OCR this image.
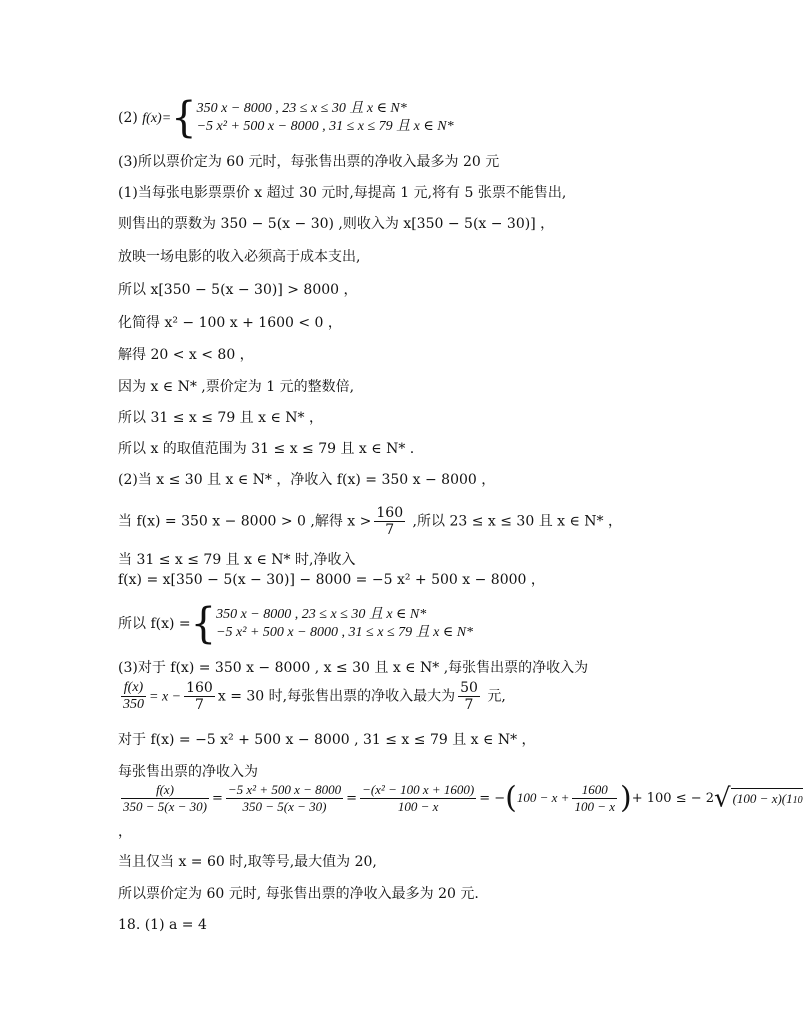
(2) f(x)={ 350 x − 8000 , 23 ≤ x ≤ 30 且 x ∈ N*
−5 x² + 500 x − 8000 , 31 ≤ x ≤ 79 且 x ∈ N*
(3)所以票价定为 60 元时，每张售出票的净收入最多为 20 元
(1)当每张电影票票价 x 超过 30 元时,每提高 1 元,将有 5 张票不能售出,
则售出的票数为 350 − 5(x − 30) ,则收入为 x[350 − 5(x − 30)] ，
放映一场电影的收入必须高于成本支出,
所以 x[350 − 5(x − 30)] > 8000 ，
化简得 x² − 100 x + 1600 < 0 ，
解得 20 < x < 80 ，
因为 x ∈ N* ,票价定为 1 元的整数倍,
所以 31 ≤ x ≤ 79 且 x ∈ N* ，
所以 x 的取值范围为 31 ≤ x ≤ 79 且 x ∈ N* .
(2)当 x ≤ 30 且 x ∈ N* ，净收入 f(x) = 350 x − 8000 ，
当 f(x) = 350 x − 8000 > 0 ,解得 $x > \frac{160}{7}$ ,所以 23 ≤ x ≤ 30 且 x ∈ N* ，
当 31 ≤ x ≤ 79 且 x ∈ N* 时,净收入
f(x) = x[350 − 5(x − 30)] − 8000 = −5 x² + 500 x − 8000 ，
所以 f(x) ={ 350 x − 8000 , 23 ≤ x ≤ 30 且 x ∈ N*
−5 x² + 500 x − 8000 , 31 ≤ x ≤ 79 且 x ∈ N*
(3)对于 f(x) = 350 x − 8000 , x ≤ 30 且 x ∈ N* ,每张售出票的净收入为
$\frac{f(x)}{350} = x - \frac{160}{7}$ x = 30 时,每张售出票的净收入最大为 $\frac{50}{7}$ 元,
对于 f(x) = −5 x² + 500 x − 8000 , 31 ≤ x ≤ 79 且 x ∈ N* ，
每张售出票的净收入为
$\frac{f(x)}{350 - 5(x - 30)} = \frac{\text{−5 x² + 500 x − 8000}}{350 - 5(x - 30)} = \frac{\text{−(x² − 100 x + 1600)}}{100 - x} = -(100 - x + \frac{1600}{100 - x}$ )+ 100 ≤ − 2√ (100 − x)(1 10
，
当且仅当 x = 60 时,取等号,最大值为 20,
所以票价定为 60 元时, 每张售出票的净收入最多为 20 元.
18. (1) a = 4
